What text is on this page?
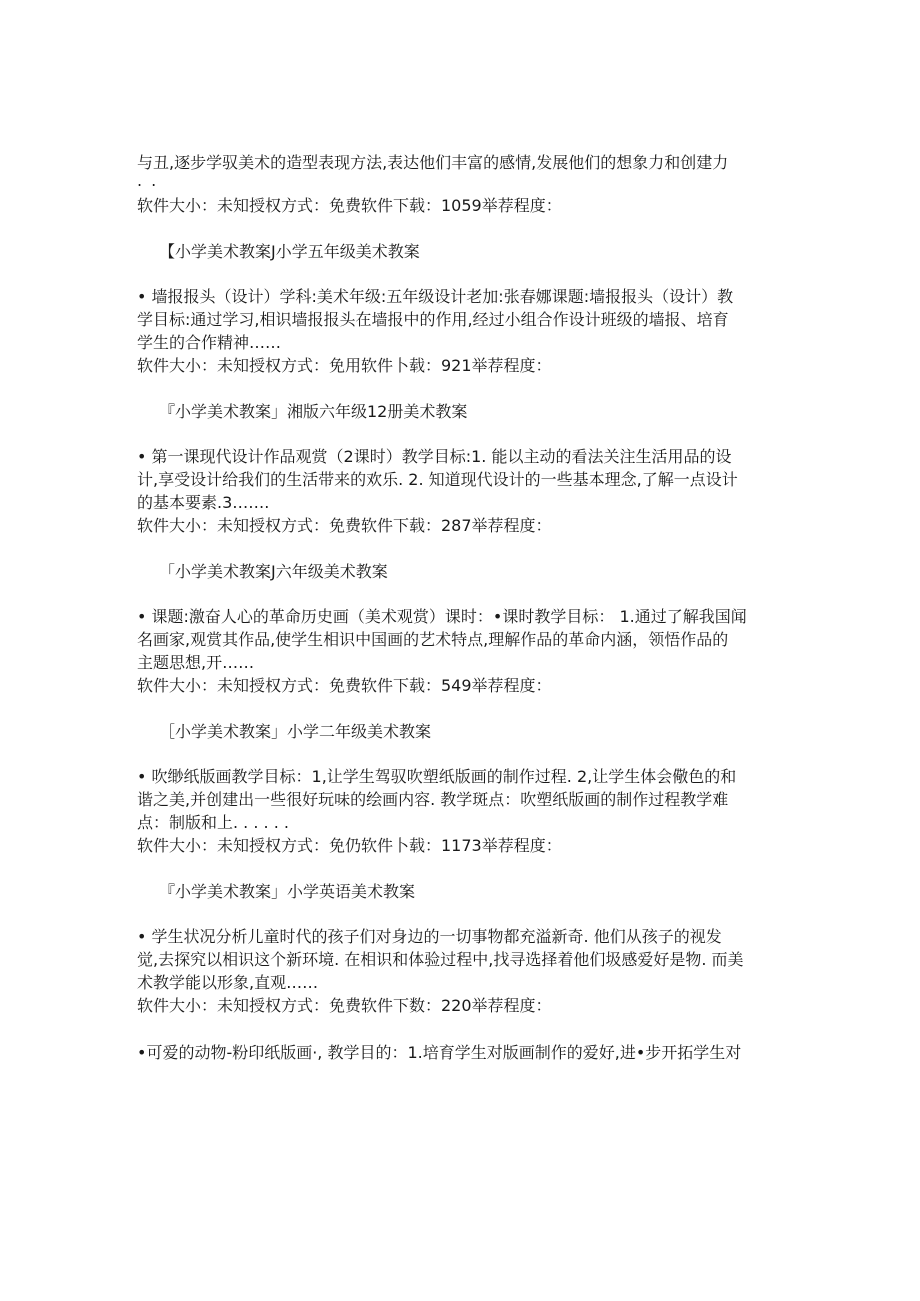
与丑,逐步学驭美术的造型表现方法,表达他们丰富的感情,发展他们的想象力和创建力
. .
软件大小：未知授权方式：免费软件下载：1059举荐程度：
【小学美术教案J小学五年级美术教案
• 墙报报头（设计）学科:美术年级:五年级设计老加:张春娜课题:墙报报头（设计）教
学目标:通过学习,相识墙报报头在墙报中的作用,经过小组合作设计班级的墙报、培育
学生的合作精神……
软件大小：未知授权方式：免用软件卜载：921举荐程度：
『小学美术教案」湘版六年级12册美术教案
• 第一课现代设计作品观赏（2课时）教学目标:1. 能以主动的看法关注生活用品的设
计,享受设计给我们的生活带来的欢乐. 2. 知道现代设计的一些基本理念,了解一点设计
的基本要素.3…….
软件大小：未知授权方式：免费软件下载：287举荐程度：
「小学美术教案J六年级美术教案
• 课题:激奋人心的革命历史画（美术观赏）课时：•课时教学目标： 1.通过了解我国闻
名画家,观赏其作品,使学生相识中国画的艺术特点,理解作品的革命内涵，领悟作品的
主题思想,开……
软件大小：未知授权方式：免费软件下载：549举荐程度：
［小学美术教案」小学二年级美术教案
• 吹缈纸版画教学目标：1,让学生驾驭吹塑纸版画的制作过程. 2,让学生体会儆色的和
谐之美,并创建出一些很好玩味的绘画内容. 教学斑点：吹塑纸版画的制作过程教学难
点：制版和上. . . . . .
软件大小：未知授权方式：免仍软件卜载：1173举荐程度：
『小学美术教案」小学英语美术教案
• 学生状况分析儿童时代的孩子们对身边的一切事物都充溢新奇. 他们从孩子的视发
觉,去探究以相识这个新环境. 在相识和体验过程中,找寻选择着他们圾感爱好是物. 而美
术教学能以形象,直观……
软件大小：未知授权方式：免费软件下数：220举荐程度：
•可爱的动物-粉印纸版画·, 教学目的：1.培育学生对版画制作的爱好,进•步开拓学生对
